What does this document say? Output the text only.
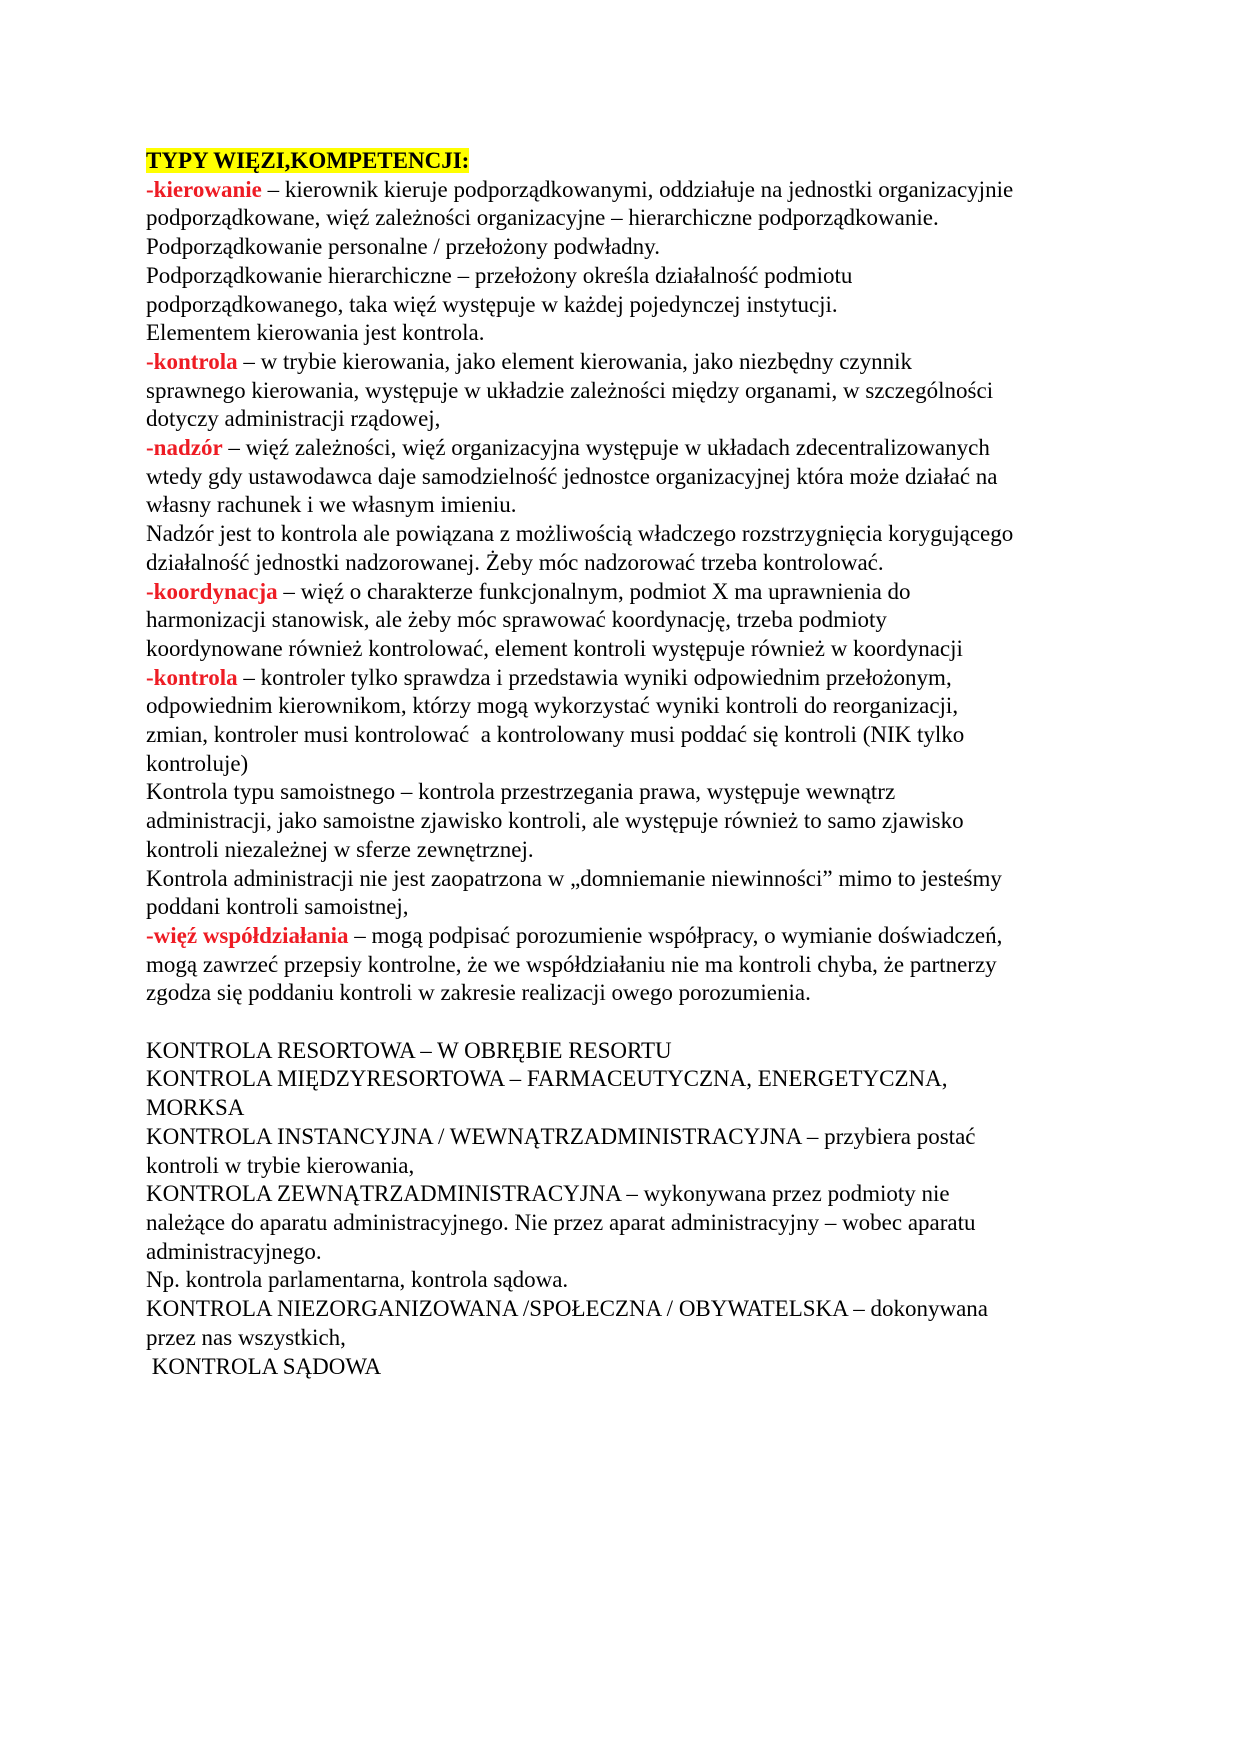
TYPY WIĘZI,KOMPETENCJI:
-kierowanie – kierownik kieruje podporządkowanymi, oddziałuje na jednostki organizacyjnie
podporządkowane, więź zależności organizacyjne – hierarchiczne podporządkowanie.
Podporządkowanie personalne / przełożony podwładny.
Podporządkowanie hierarchiczne – przełożony określa działalność podmiotu
podporządkowanego, taka więź występuje w każdej pojedynczej instytucji.
Elementem kierowania jest kontrola.
-kontrola – w trybie kierowania, jako element kierowania, jako niezbędny czynnik
sprawnego kierowania, występuje w układzie zależności między organami, w szczególności
dotyczy administracji rządowej,
-nadzór – więź zależności, więź organizacyjna występuje w układach zdecentralizowanych
wtedy gdy ustawodawca daje samodzielność jednostce organizacyjnej która może działać na
własny rachunek i we własnym imieniu.
Nadzór jest to kontrola ale powiązana z możliwością władczego rozstrzygnięcia korygującego
działalność jednostki nadzorowanej. Żeby móc nadzorować trzeba kontrolować.
-koordynacja – więź o charakterze funkcjonalnym, podmiot X ma uprawnienia do
harmonizacji stanowisk, ale żeby móc sprawować koordynację, trzeba podmioty
koordynowane również kontrolować, element kontroli występuje również w koordynacji
-kontrola – kontroler tylko sprawdza i przedstawia wyniki odpowiednim przełożonym,
odpowiednim kierownikom, którzy mogą wykorzystać wyniki kontroli do reorganizacji,
zmian, kontroler musi kontrolować  a kontrolowany musi poddać się kontroli (NIK tylko
kontroluje)
Kontrola typu samoistnego – kontrola przestrzegania prawa, występuje wewnątrz
administracji, jako samoistne zjawisko kontroli, ale występuje również to samo zjawisko
kontroli niezależnej w sferze zewnętrznej.
Kontrola administracji nie jest zaopatrzona w „domniemanie niewinności” mimo to jesteśmy
poddani kontroli samoistnej,
-więź współdziałania – mogą podpisać porozumienie współpracy, o wymianie doświadczeń,
mogą zawrzeć przepsiy kontrolne, że we współdziałaniu nie ma kontroli chyba, że partnerzy
zgodza się poddaniu kontroli w zakresie realizacji owego porozumienia.
KONTROLA RESORTOWA – W OBRĘBIE RESORTU
KONTROLA MIĘDZYRESORTOWA – FARMACEUTYCZNA, ENERGETYCZNA,
MORKSA
KONTROLA INSTANCYJNA / WEWNĄTRZADMINISTRACYJNA – przybiera postać
kontroli w trybie kierowania,
KONTROLA ZEWNĄTRZADMINISTRACYJNA – wykonywana przez podmioty nie
należące do aparatu administracyjnego. Nie przez aparat administracyjny – wobec aparatu
administracyjnego.
Np. kontrola parlamentarna, kontrola sądowa.
KONTROLA NIEZORGANIZOWANA /SPOŁECZNA / OBYWATELSKA – dokonywana
przez nas wszystkich,
KONTROLA SĄDOWA
